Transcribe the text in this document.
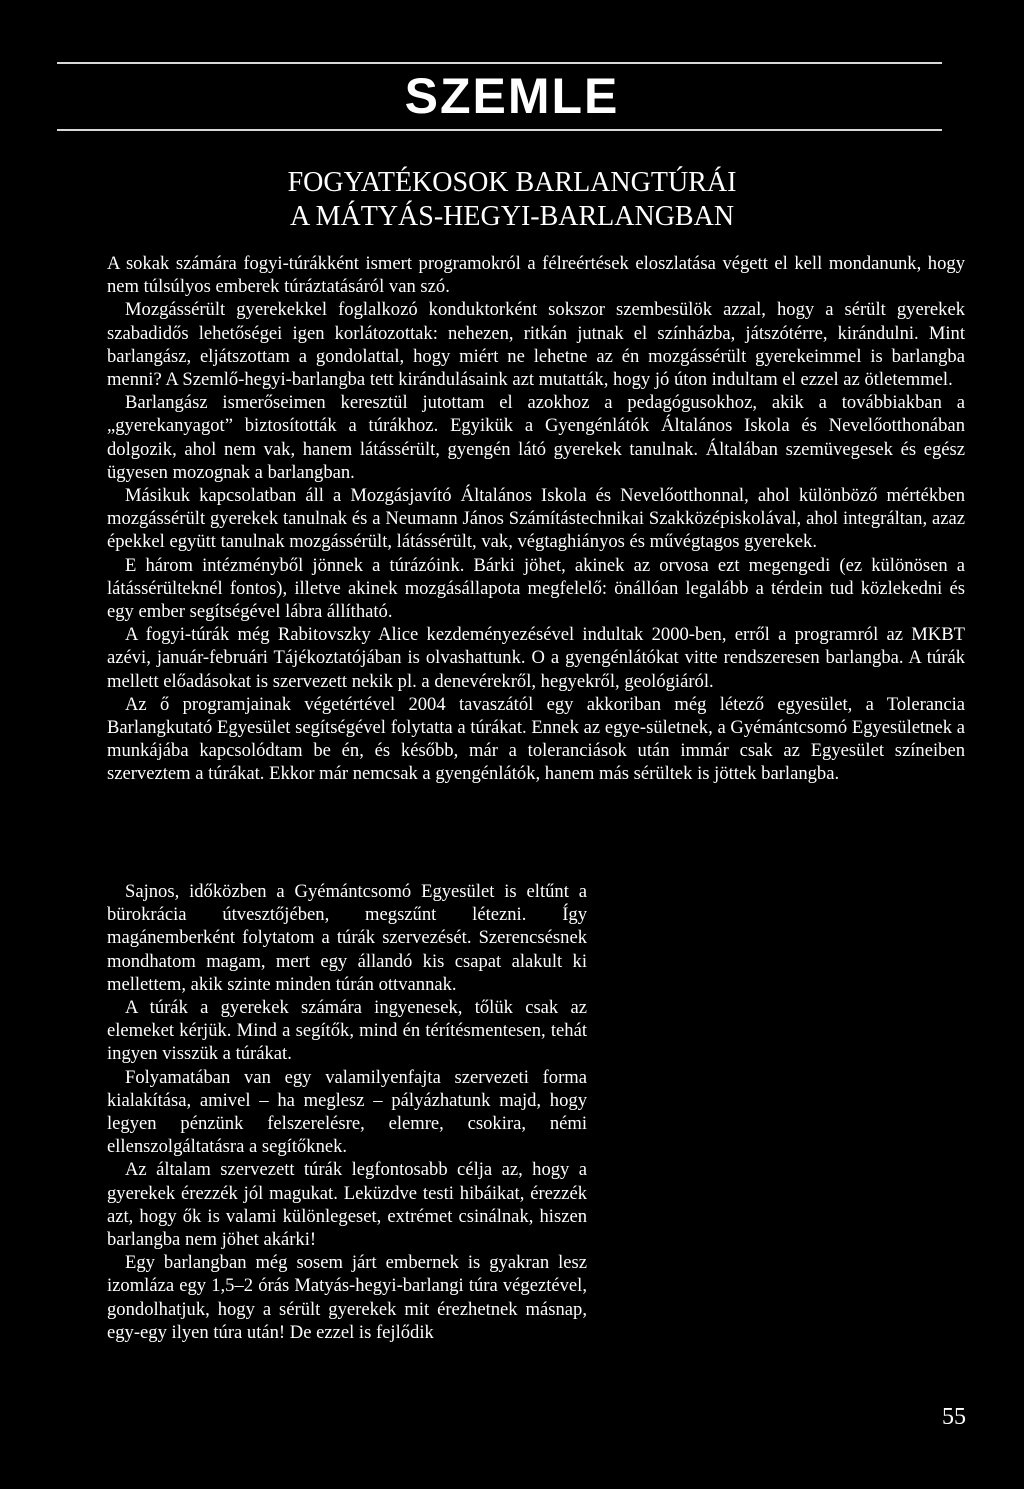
SZEMLE
FOGYATÉKOSOK BARLANGTÚRÁI
A MÁTYÁS-HEGYI-BARLANGBAN

A sokak számára fogyi-túrákként ismert programokról a félreértések eloszlatása végett el kell mondanunk, hogy nem túlsúlyos emberek túráztatásáról van szó.

Mozgássérült gyerekekkel foglalkozó konduktorként sokszor szembesülök azzal, hogy a sérült gyerekek szabadidős lehetőségei igen korlátozottak: nehezen, ritkán jutnak el színházba, játszótérre, kirándulni. Mint barlangász, eljátszottam a gondolattal, hogy miért ne lehetne az én mozgássérült gyerekeimmel is barlangba menni? A Szemlő-hegyi-barlangba tett kirándulásaink azt mutatták, hogy jó úton indultam el ezzel az ötletemmel.

Barlangász ismerőseimen keresztül jutottam el azokhoz a pedagógusokhoz, akik a továbbiakban a „gyerekanyagot” biztosították a túrákhoz. Egyikük a Gyengénlátók Általános Iskola és Nevelőotthonában dolgozik, ahol nem vak, hanem látássérült, gyengén látó gyerekek tanulnak. Általában szemüvegesek és egész ügyesen mozognak a barlangban.

Másikuk kapcsolatban áll a Mozgásjavító Általános Iskola és Nevelőotthonnal, ahol különböző mértékben mozgássérült gyerekek tanulnak és a Neumann János Számítástechnikai Szakközépiskolával, ahol integráltan, azaz épekkel együtt tanulnak mozgássérült, látássérült, vak, végtaghiányos és művégtagos gyerekek.

E három intézményből jönnek a túrázóink. Bárki jöhet, akinek az orvosa ezt megengedi (ez különösen a látássérülteknél fontos), illetve akinek mozgásállapota megfelelő: önállóan legalább a térdein tud közlekedni és egy ember segítségével lábra állítható.

A fogyi-túrák még Rabitovszky Alice kezdeményezésével indultak 2000-ben, erről a programról az MKBT azévi, január-februári Tájékoztatójában is olvashattunk. O a gyengénlátókat vitte rendszeresen barlangba. A túrák mellett előadásokat is szervezett nekik pl. a denevérekről, hegyekről, geológiáról.

Az ő programjainak végetértével 2004 tavaszától egy akkoriban még létező egyesület, a Tolerancia Barlangkutató Egyesület segítségével folytatta a túrákat. Ennek az egye-sületnek, a Gyémántcsomó Egyesületnek a munkájába kapcsolódtam be én, és később, már a toleranciások után immár csak az Egyesület színeiben szerveztem a túrákat. Ekkor már nemcsak a gyengénlátók, hanem más sérültek is jöttek barlangba.

Sajnos, időközben a Gyémántcsomó Egyesület is eltűnt a bürokrácia útvesztőjében, megszűnt létezni. Így magánemberként folytatom a túrák szervezését. Szerencsésnek mondhatom magam, mert egy állandó kis csapat alakult ki mellettem, akik szinte minden túrán ottvannak.

A túrák a gyerekek számára ingyenesek, tőlük csak az elemeket kérjük. Mind a segítők, mind én térítésmentesen, tehát ingyen visszük a túrákat.

Folyamatában van egy valamilyenfajta szervezeti forma kialakítása, amivel – ha meglesz – pályázhatunk majd, hogy legyen pénzünk felszerelésre, elemre, csokira, némi ellenszolgáltatásra a segítőknek.

Az általam szervezett túrák legfontosabb célja az, hogy a gyerekek érezzék jól magukat. Leküzdve testi hibáikat, érezzék azt, hogy ők is valami különlegeset, extrémet csinálnak, hiszen barlangba nem jöhet akárki!

Egy barlangban még sosem járt embernek is gyakran lesz izomláza egy 1,5–2 órás Matyás-hegyi-barlangi túra végeztével, gondolhatjuk, hogy a sérült gyerekek mit érezhetnek másnap, egy-egy ilyen túra után! De ezzel is fejlődik

55
